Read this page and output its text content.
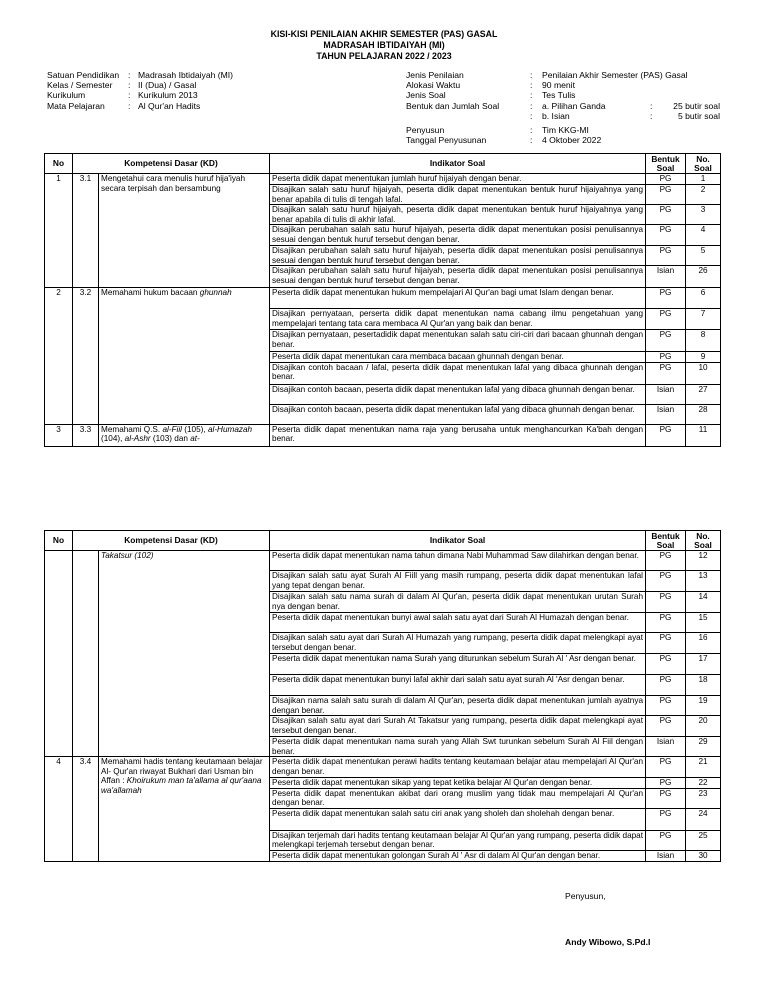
KISI-KISI PENILAIAN AKHIR SEMESTER (PAS) GASAL
MADRASAH IBTIDAIYAH (MI)
TAHUN PELAJARAN 2022 / 2023
Satuan Pendidikan	: Madrasah Ibtidaiyah (MI)
Kelas / Semester	: II (Dua) / Gasal
Kurikulum	: Kurikulum 2013
Mata Pelajaran	: Al Qur'an Hadits
Jenis Penilaian	:	Penilaian Akhir Semester (PAS) Gasal
Alokasi Waktu	:	90 menit
Jenis Soal	:	Tes Tulis
Bentuk dan Jumlah Soal	:	a. Pilihan Ganda	:	25 butir soal
:	b. Isian	:	5 butir soal
Penyusun	:	Tim KKG-MI
Tanggal Penyusunan	:	4 Oktober 2022
No	Kompetensi Dasar (KD)		Indikator Soal	Bentuk Soal	No. Soal
1	3.1	Mengetahui cara menulis huruf hija'iyah secara terpisah dan bersambung	Peserta didik dapat menentukan jumlah huruf hijaiyah dengan benar.	PG	1
			Disajikan salah satu huruf hijaiyah, peserta didik dapat menentukan bentuk huruf hijaiyahnya yang benar apabila di tulis di tengah lafal.	PG	2
			Disajikan salah satu huruf hijaiyah, peserta didik dapat menentukan bentuk huruf hijaiyahnya yang benar apabila di tulis di akhir lafal.	PG	3
			Disajikan perubahan salah satu huruf hijaiyah, peserta didik dapat menentukan posisi penulisannya sesuai dengan bentuk huruf tersebut dengan benar.	PG	4
			Disajikan perubahan salah satu huruf hijaiyah, peserta didik dapat menentukan posisi penulisannya sesuai dengan bentuk huruf tersebut dengan benar.	PG	5
			Disajikan perubahan salah satu huruf hijaiyah, peserta didik dapat menentukan posisi penulisannya sesuai dengan bentuk huruf tersebut dengan benar.	Isian	26
2	3.2	Memahami hukum bacaan ghunnah	Peserta didik dapat menentukan hukum mempelajari Al Qur'an bagi umat Islam dengan benar.	PG	6
			Disajikan pernyataan, perserta didik dapat menentukan nama cabang ilmu pengetahuan yang mempelajari tentang tata cara membaca Al Qur'an yang baik dan benar.	PG	7
			Disajikan pernyataan, pesertadidik dapat menentukan salah satu ciri-ciri dari bacaan ghunnah dengan benar.	PG	8
			Peserta didik dapat menentukan cara membaca bacaan ghunnah dengan benar.	PG	9
			Disajikan contoh bacaan / lafal, peserta didik dapat menentukan lafal yang dibaca ghunnah dengan benar.	PG	10
			Disajikan contoh bacaan, peserta didik dapat menentukan lafal yang dibaca ghunnah dengan benar.	Isian	27
			Disajikan contoh bacaan, peserta didik dapat menentukan lafal yang dibaca ghunnah dengan benar.	Isian	28
3	3.3	Memahami Q.S. al-Fiil (105), al-Humazah (104), al-Ashr (103) dan at-	Peserta didik dapat menentukan nama raja yang berusaha untuk menghancurkan Ka'bah dengan benar.	PG	11
No	Kompetensi Dasar (KD)		Indikator Soal	Bentuk Soal	No. Soal
		Takatsur (102)	Peserta didik dapat menentukan nama tahun dimana Nabi Muhammad Saw dilahirkan dengan benar.	PG	12
			Disajikan salah satu ayat Surah Al Fiill yang masih rumpang, peserta didik dapat menentukan lafal yang tepat dengan benar.	PG	13
			Disajikan salah satu nama surah di dalam Al Qur'an, peserta didik dapat menentukan urutan Surah nya dengan benar.	PG	14
			Peserta didik dapat menentukan bunyi awal salah satu ayat dari Surah Al Humazah dengan benar.	PG	15
			Disajikan salah satu ayat dari Surah Al Humazah yang rumpang, peserta didik dapat melengkapi ayat tersebut dengan benar.	PG	16
			Peserta didik dapat menentukan nama Surah yang diturunkan sebelum Surah Al ' Asr dengan benar.	PG	17
			Peserta didik dapat menentukan bunyi lafal akhir dari salah satu ayat surah Al 'Asr dengan benar.	PG	18
			Disajikan nama salah satu surah di dalam Al Qur'an, peserta didik dapat menentukan jumlah ayatnya dengan benar.	PG	19
			Disajikan salah satu ayat dari Surah At Takatsur yang rumpang, peserta didik dapat melengkapi ayat tersebut dengan benar.	PG	20
			Peserta didik dapat menentukan nama surah yang Allah Swt turunkan sebelum Surah Al Fiil dengan benar.	Isian	29
4	3.4	Memahami hadis tentang keutamaan belajar Al- Qur'an riwayat Bukhari dari Usman bin Affan : Khoirukum man ta'allama al qur'aana wa'allamah	Peserta didik dapat menentukan perawi hadits tentang keutamaan belajar atau mempelajari Al Qur'an dengan benar.	PG	21
			Peserta didik dapat menentukan sikap yang tepat ketika belajar Al Qur'an dengan benar.	PG	22
			Peserta didik dapat menentukan akibat dari orang muslim yang tidak mau mempelajari Al Qur'an dengan benar.	PG	23
			Peserta didik dapat menentukan salah satu ciri anak yang sholeh dan sholehah dengan benar.	PG	24
			Disajikan terjemah dari hadits tentang keutamaan belajar Al Qur'an yang rumpang, peserta didik dapat melengkapi terjemah tersebut dengan benar.	PG	25
			Peserta didik dapat menentukan golongan Surah Al ' Asr di dalam Al Qur'an dengan benar.	Isian	30
Penyusun,
Andy Wibowo, S.Pd.I
